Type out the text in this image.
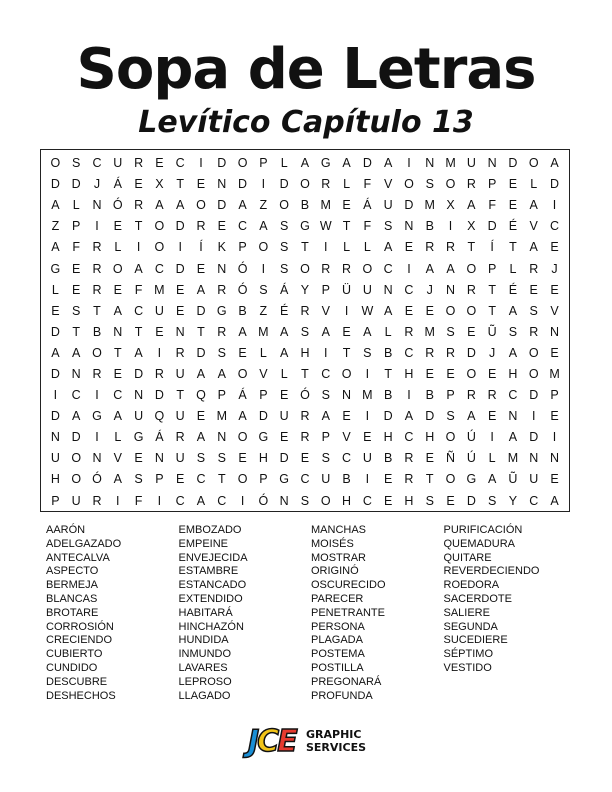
Sopa de Letras
Levítico Capítulo 13
O S C U R E C	I	D O P	L	A G A D A	I	N M U N D O A
D D	J	Á E X	T	E N D	I	D O R	L	F	V O S O R P E	L	D
A	L	N Ó R A A O D A	Z O B M E Á U D M X A	F	E A	I
Z	P	I	E	T O D R E C A S G W T	F	S N B	I	X D É V C
A	F R	L	I	O	I	Í	K P O S	T	I	L	L	A E R R T	Í	T	A E
G E R O A C D E N Ó	I	S O R R O C	I	A A O P	L	R	J
L	E R E	F M E A R Ó S Á Y P Ü U N C	J	N R T	É E E
E S	T	A C U E D G B	Z	É R V	I	W A E E O O T	A S V
D T	B N T	E N T R A M A S A E A	L	R M S E Ũ S R N
A A O T	A	I	R D S E	L	A H	I	T	S B C R R D	J	A O E
D N R E D R U A A O V	L	T C O	I	T H E E O E H O M
I	C	I	C N D T Q P Á P E Ó S N M B	I	B P R R C D P
D A G A U Q U E M A D U R A E	I	D A D S A E N	I	E
N D	I	L G Á R A N O G E R P V E H C H O Ú	I	A D	I
U O N V E N U S S E H D E S C U B R E Ñ Ú	L M N N
H O Ó A S P E C T O P G C U B	I	E R T O G A Ũ U E
P U R	I	F	I	C A C	I	Ó N S O H C E H S E D S Y C A
AARÓN
ADELGAZADO
ANTECALVA
ASPECTO
BERMEJA
BLANCAS
BROTARE
CORROSIÓN
CRECIENDO
CUBIERTO
CUNDIDO
DESCUBRE
DESHECHOS
EMBOZADO
EMPEINE
ENVEJECIDA
ESTAMBRE
ESTANCADO
EXTENDIDO
HABITARÁ
HINCHAZÓN
HUNDIDA
INMUNDO
LAVARES
LEPROSO
LLAGADO
MANCHAS
MOISÉS
MOSTRAR
ORIGINÓ
OSCURECIDO
PARECER
PENETRANTE
PERSONA
PLAGADA
POSTEMA
POSTILLA
PREGONARÁ
PROFUNDA
PURIFICACIÓN
QUEMADURA
QUITARE
REVERDECIENDO
ROEDORA
SACERDOTE
SALIERE
SEGUNDA
SUCEDIERE
SÉPTIMO
VESTIDO
JCE GRAPHIC
SERVICES
